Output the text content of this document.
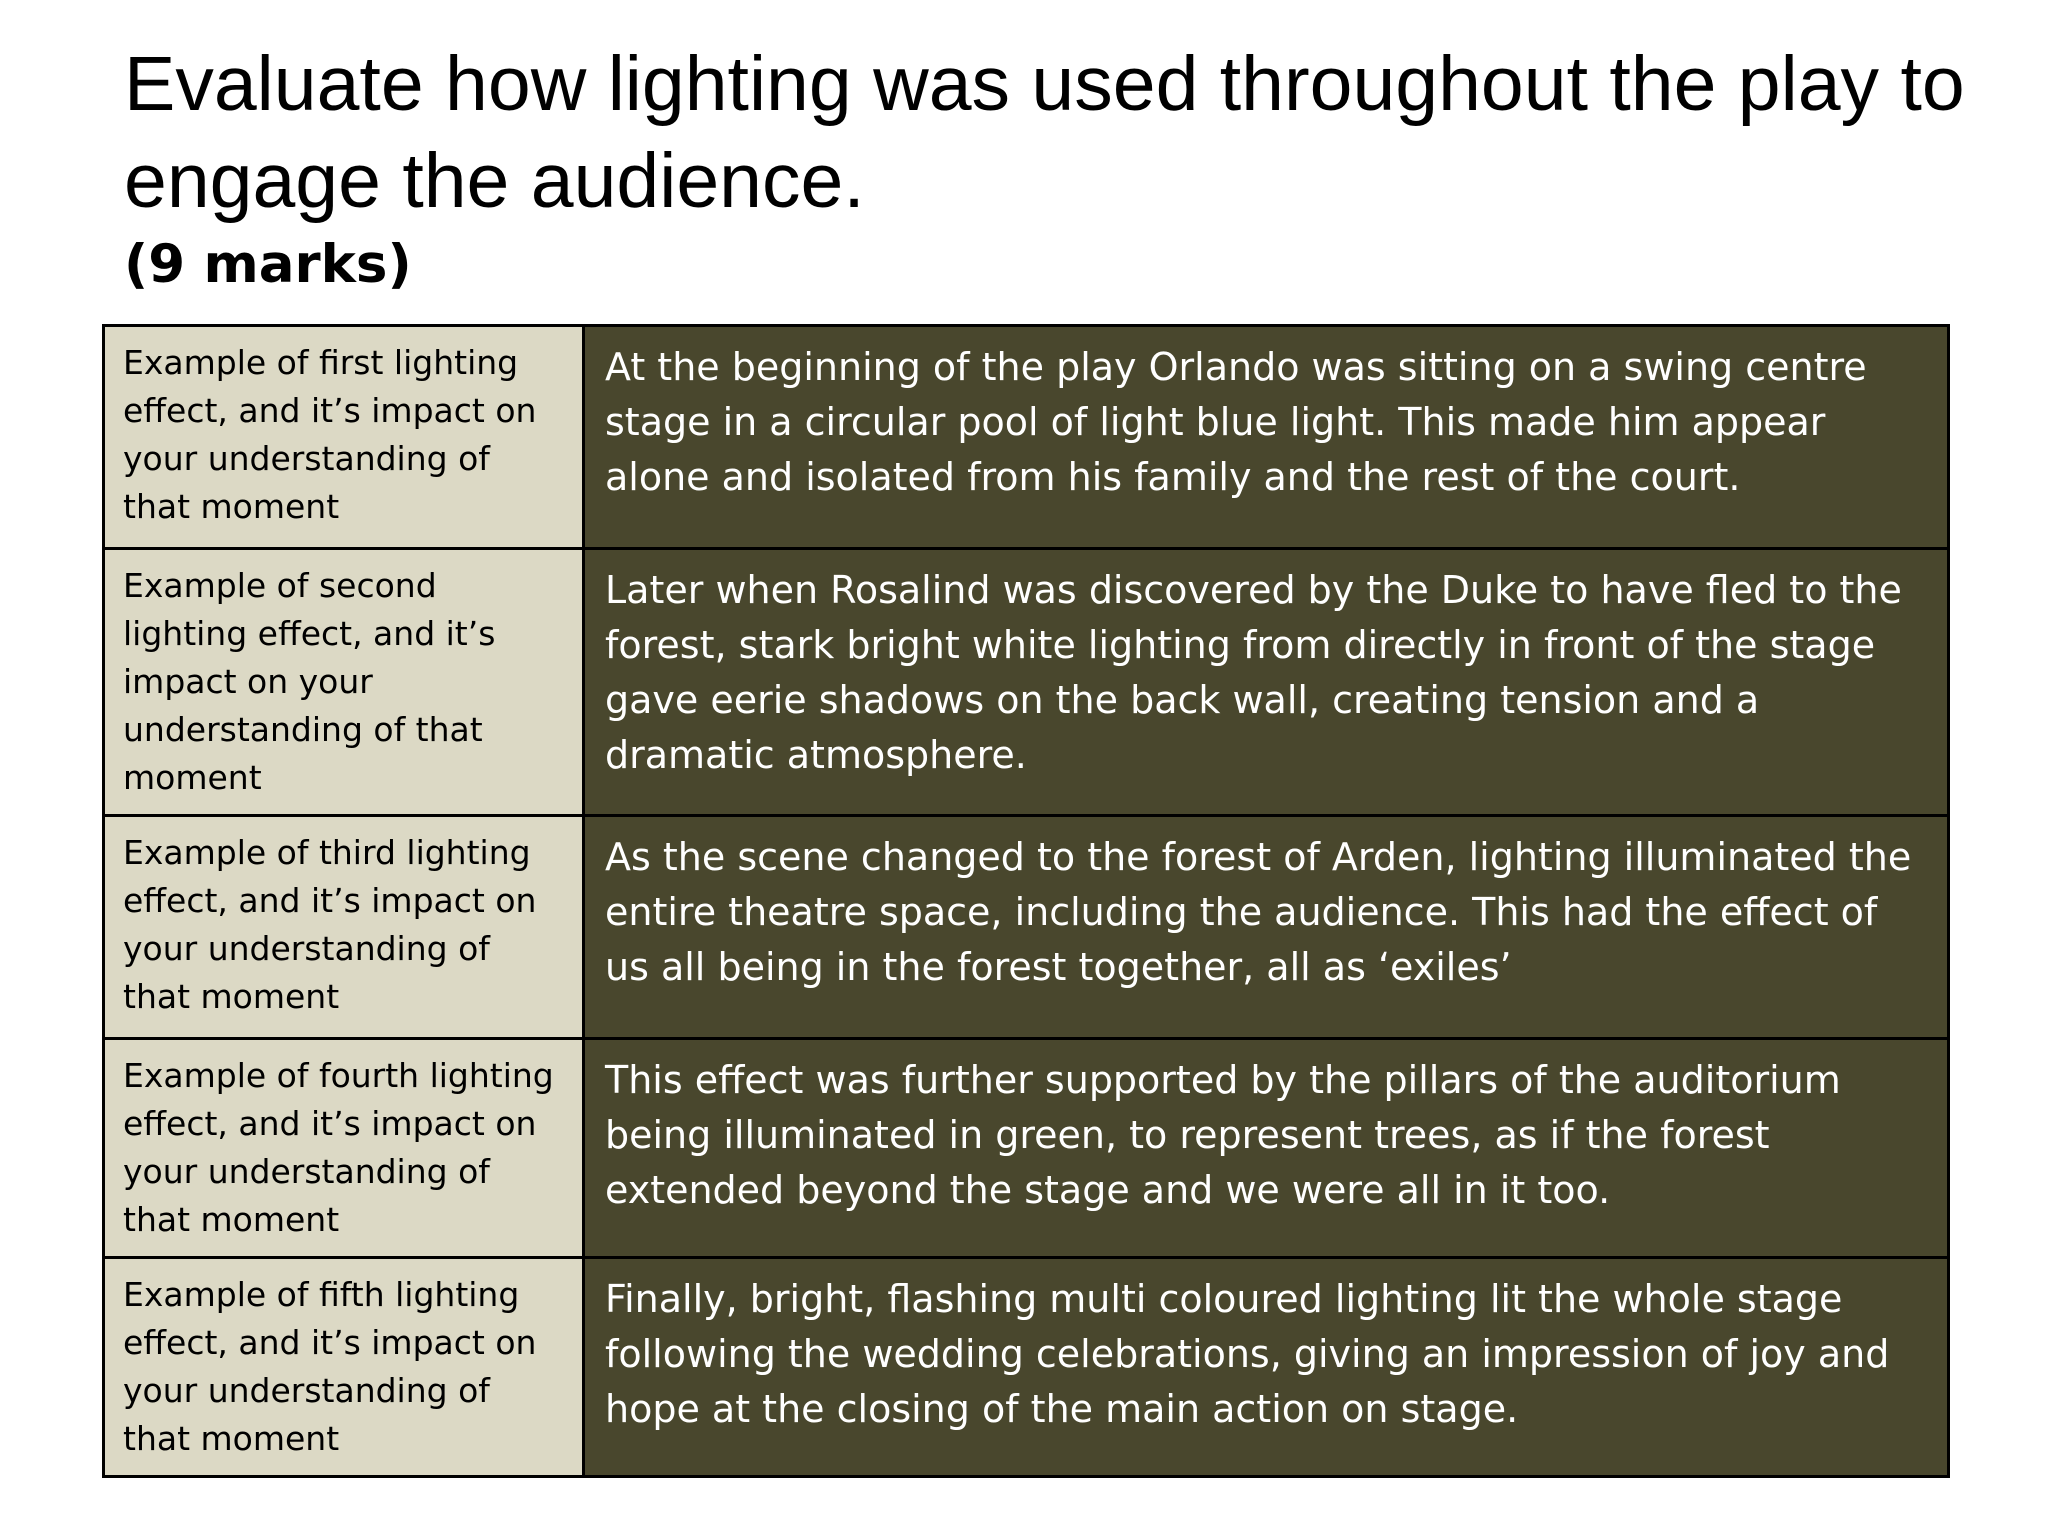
Evaluate how lighting was used throughout the play to engage the audience.
(9 marks)
Example of first lighting effect, and it’s impact on your understanding of that moment	At the beginning of the play Orlando was sitting on a swing centre stage in a circular pool of light blue light. This made him appear alone and isolated from his family and the rest of the court.
Example of second lighting effect, and it’s impact on your understanding of that moment	Later when Rosalind was discovered by the Duke to have fled to the forest, stark bright white lighting from directly in front of the stage gave eerie shadows on the back wall, creating tension and a dramatic atmosphere.
Example of third lighting effect, and it’s impact on your understanding of that moment	As the scene changed to the forest of Arden, lighting illuminated the entire theatre space, including the audience. This had the effect of us all being in the forest together, all as ‘exiles’
Example of fourth lighting effect, and it’s impact on your understanding of that moment	This effect was further supported by the pillars of the auditorium being illuminated in green, to represent trees, as if the forest extended beyond the stage and we were all in it too.
Example of fifth lighting effect, and it’s impact on your understanding of that moment	Finally, bright, flashing multi coloured lighting lit the whole stage following the wedding celebrations, giving an impression of joy and hope at the closing of the main action on stage.
